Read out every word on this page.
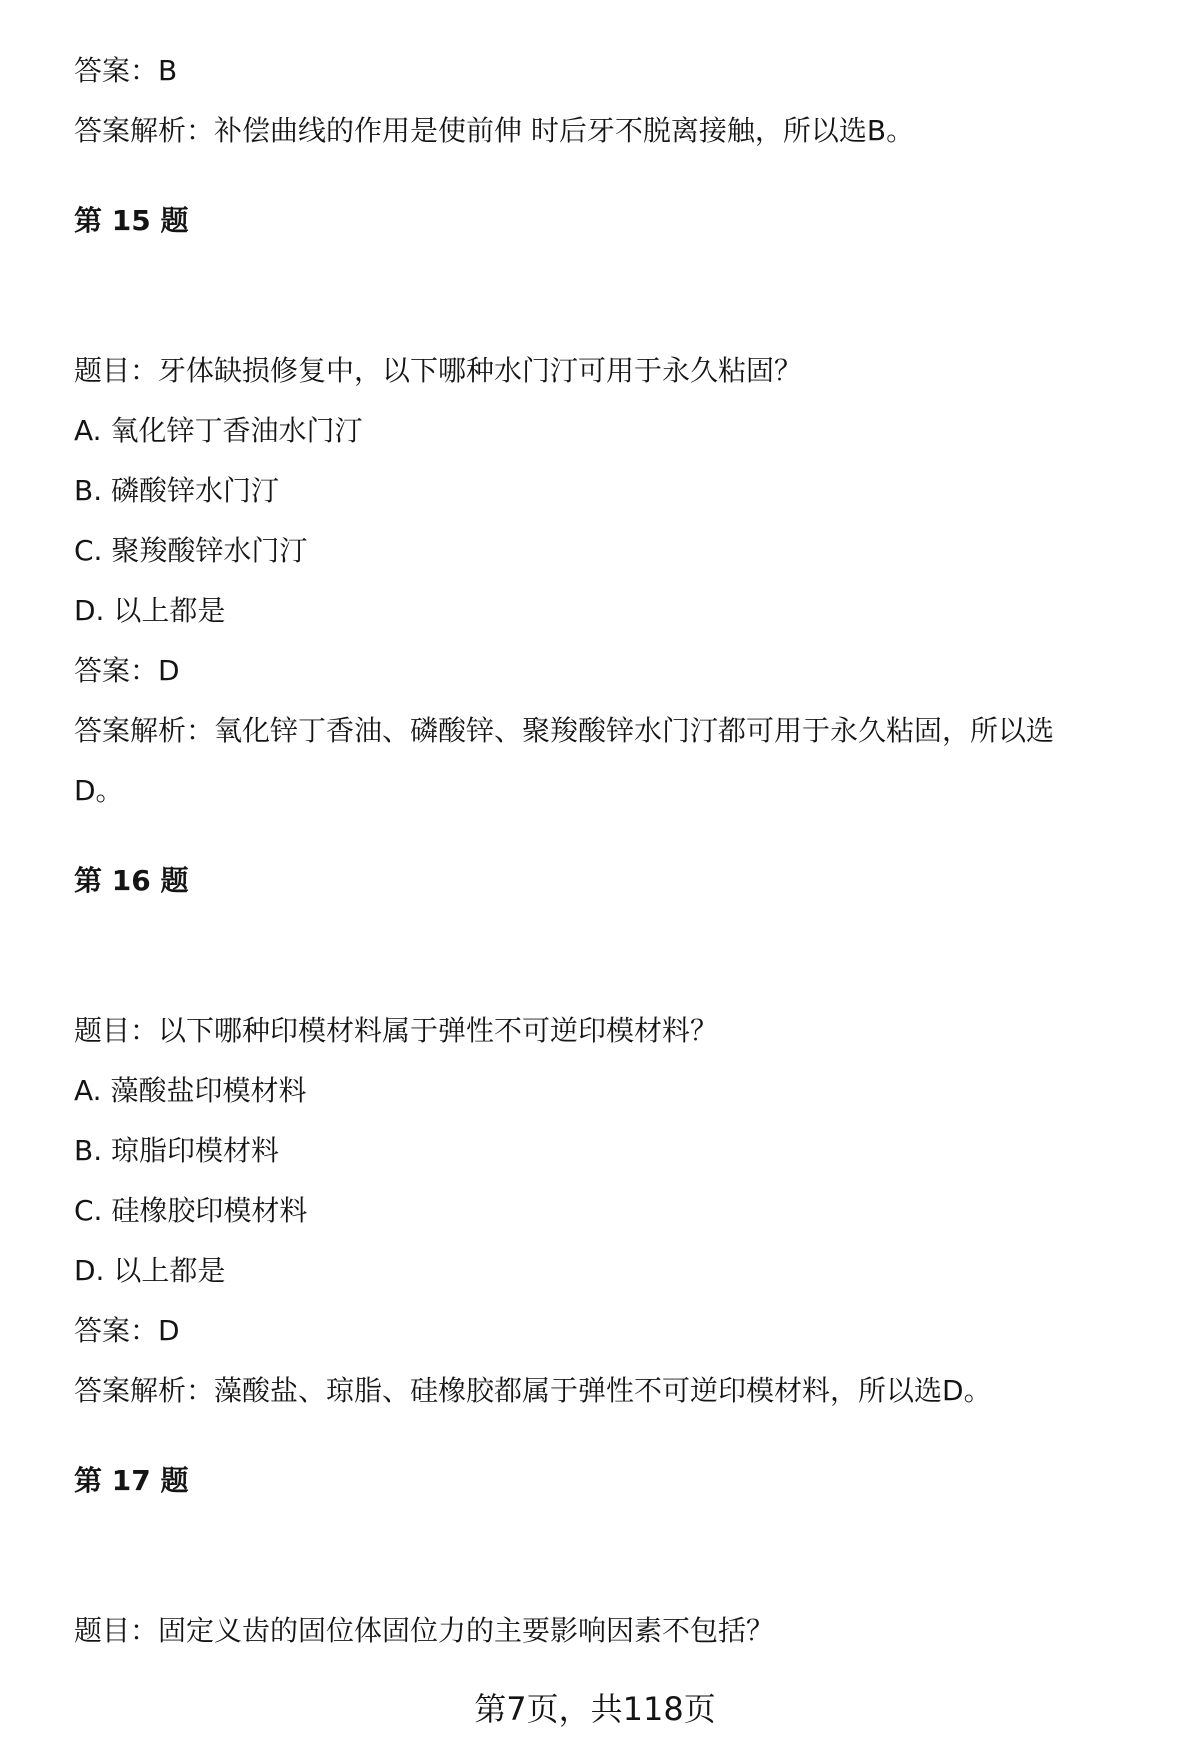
答案：B
答案解析：补偿曲线的作用是使前伸 时后牙不脱离接触，所以选B。
第 15 题
题目：牙体缺损修复中，以下哪种水门汀可用于永久粘固？
A. 氧化锌丁香油水门汀
B. 磷酸锌水门汀
C. 聚羧酸锌水门汀
D. 以上都是
答案：D
答案解析：氧化锌丁香油、磷酸锌、聚羧酸锌水门汀都可用于永久粘固，所以选
D。
第 16 题
题目：以下哪种印模材料属于弹性不可逆印模材料？
A. 藻酸盐印模材料
B. 琼脂印模材料
C. 硅橡胶印模材料
D. 以上都是
答案：D
答案解析：藻酸盐、琼脂、硅橡胶都属于弹性不可逆印模材料，所以选D。
第 17 题
题目：固定义齿的固位体固位力的主要影响因素不包括？
第7页，共118页
